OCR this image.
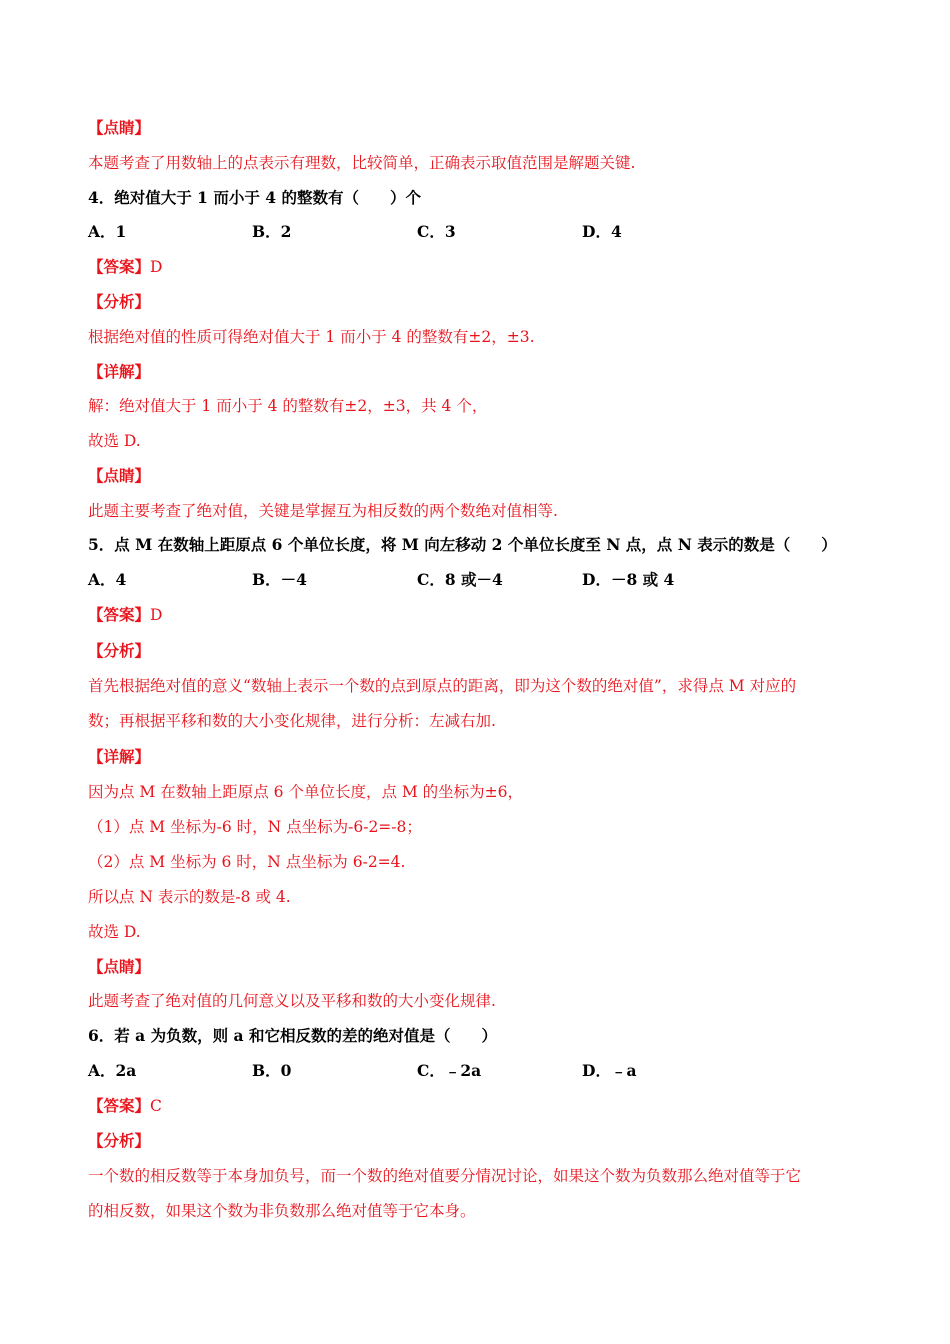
【点睛】
本题考查了用数轴上的点表示有理数，比较简单，正确表示取值范围是解题关键.
4．绝对值大于 1 而小于 4 的整数有（　　）个
A．1	B．2	C．3	D．4
【答案】D
【分析】
根据绝对值的性质可得绝对值大于 1 而小于 4 的整数有±2，±3.
【详解】
解：绝对值大于 1 而小于 4 的整数有±2，±3，共 4 个，
故选 D.
【点睛】
此题主要考查了绝对值，关键是掌握互为相反数的两个数绝对值相等.
5．点 M 在数轴上距原点 6 个单位长度，将 M 向左移动 2 个单位长度至 N 点，点 N 表示的数是（　　）
A．4	B．－4	C．8 或－4	D．－8 或 4
【答案】D
【分析】
首先根据绝对值的意义“数轴上表示一个数的点到原点的距离，即为这个数的绝对值”，求得点 M 对应的
数；再根据平移和数的大小变化规律，进行分析：左减右加.
【详解】
因为点 M 在数轴上距原点 6 个单位长度，点 M 的坐标为±6，
（1）点 M 坐标为-6 时，N 点坐标为-6-2=-8；
（2）点 M 坐标为 6 时，N 点坐标为 6-2=4.
所以点 N 表示的数是-8 或 4.
故选 D.
【点睛】
此题考查了绝对值的几何意义以及平移和数的大小变化规律.
6．若 a 为负数，则 a 和它相反数的差的绝对值是（　　）
A．2a	B．0	C．﹣2a	D．﹣a
【答案】C
【分析】
一个数的相反数等于本身加负号，而一个数的绝对值要分情况讨论，如果这个数为负数那么绝对值等于它
的相反数，如果这个数为非负数那么绝对值等于它本身。
